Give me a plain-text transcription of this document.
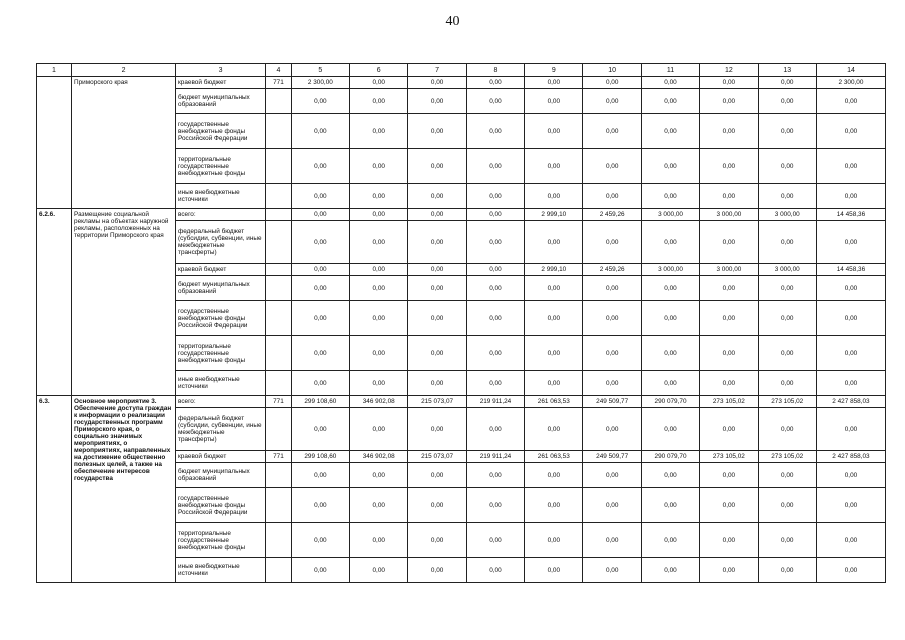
40
1	2	3	4	5	6	7	8	9	10	11	12	13	14
	Приморского края	краевой бюджет	771	2 300,00	0,00	0,00	0,00	0,00	0,00	0,00	0,00	0,00	2 300,00
		бюджет муниципальных образований		0,00	0,00	0,00	0,00	0,00	0,00	0,00	0,00	0,00	0,00
		государственные внебюджетные фонды Российской Федерации		0,00	0,00	0,00	0,00	0,00	0,00	0,00	0,00	0,00	0,00
		территориальные государственные внебюджетные фонды		0,00	0,00	0,00	0,00	0,00	0,00	0,00	0,00	0,00	0,00
		иные внебюджетные источники		0,00	0,00	0,00	0,00	0,00	0,00	0,00	0,00	0,00	0,00
6.2.6.	Размещение социальной рекламы на объектах наружной рекламы, расположенных на территории Приморского края	всего:		0,00	0,00	0,00	0,00	2 999,10	2 459,26	3 000,00	3 000,00	3 000,00	14 458,36
		федеральный бюджет (субсидии, субвенции, иные межбюджетные трансферты)		0,00	0,00	0,00	0,00	0,00	0,00	0,00	0,00	0,00	0,00
		краевой бюджет		0,00	0,00	0,00	0,00	2 999,10	2 459,26	3 000,00	3 000,00	3 000,00	14 458,36
		бюджет муниципальных образований		0,00	0,00	0,00	0,00	0,00	0,00	0,00	0,00	0,00	0,00
		государственные внебюджетные фонды Российской Федерации		0,00	0,00	0,00	0,00	0,00	0,00	0,00	0,00	0,00	0,00
		территориальные государственные внебюджетные фонды		0,00	0,00	0,00	0,00	0,00	0,00	0,00	0,00	0,00	0,00
		иные внебюджетные источники		0,00	0,00	0,00	0,00	0,00	0,00	0,00	0,00	0,00	0,00
6.3.	Основное мероприятие 3. Обеспечение доступа граждан к информации о реализации государственных программ Приморского края, о социально значимых мероприятиях, о мероприятиях, направленных на достижение общественно полезных целей, а также на обеспечение интересов государства	всего:	771	299 108,60	346 902,08	215 073,07	219 911,24	261 063,53	249 509,77	290 079,70	273 105,02	273 105,02	2 427 858,03
		федеральный бюджет (субсидии, субвенции, иные межбюджетные трансферты)		0,00	0,00	0,00	0,00	0,00	0,00	0,00	0,00	0,00	0,00
		краевой бюджет	771	299 108,60	346 902,08	215 073,07	219 911,24	261 063,53	249 509,77	290 079,70	273 105,02	273 105,02	2 427 858,03
		бюджет муниципальных образований		0,00	0,00	0,00	0,00	0,00	0,00	0,00	0,00	0,00	0,00
		государственные внебюджетные фонды Российской Федерации		0,00	0,00	0,00	0,00	0,00	0,00	0,00	0,00	0,00	0,00
		территориальные государственные внебюджетные фонды		0,00	0,00	0,00	0,00	0,00	0,00	0,00	0,00	0,00	0,00
		иные внебюджетные источники		0,00	0,00	0,00	0,00	0,00	0,00	0,00	0,00	0,00	0,00
